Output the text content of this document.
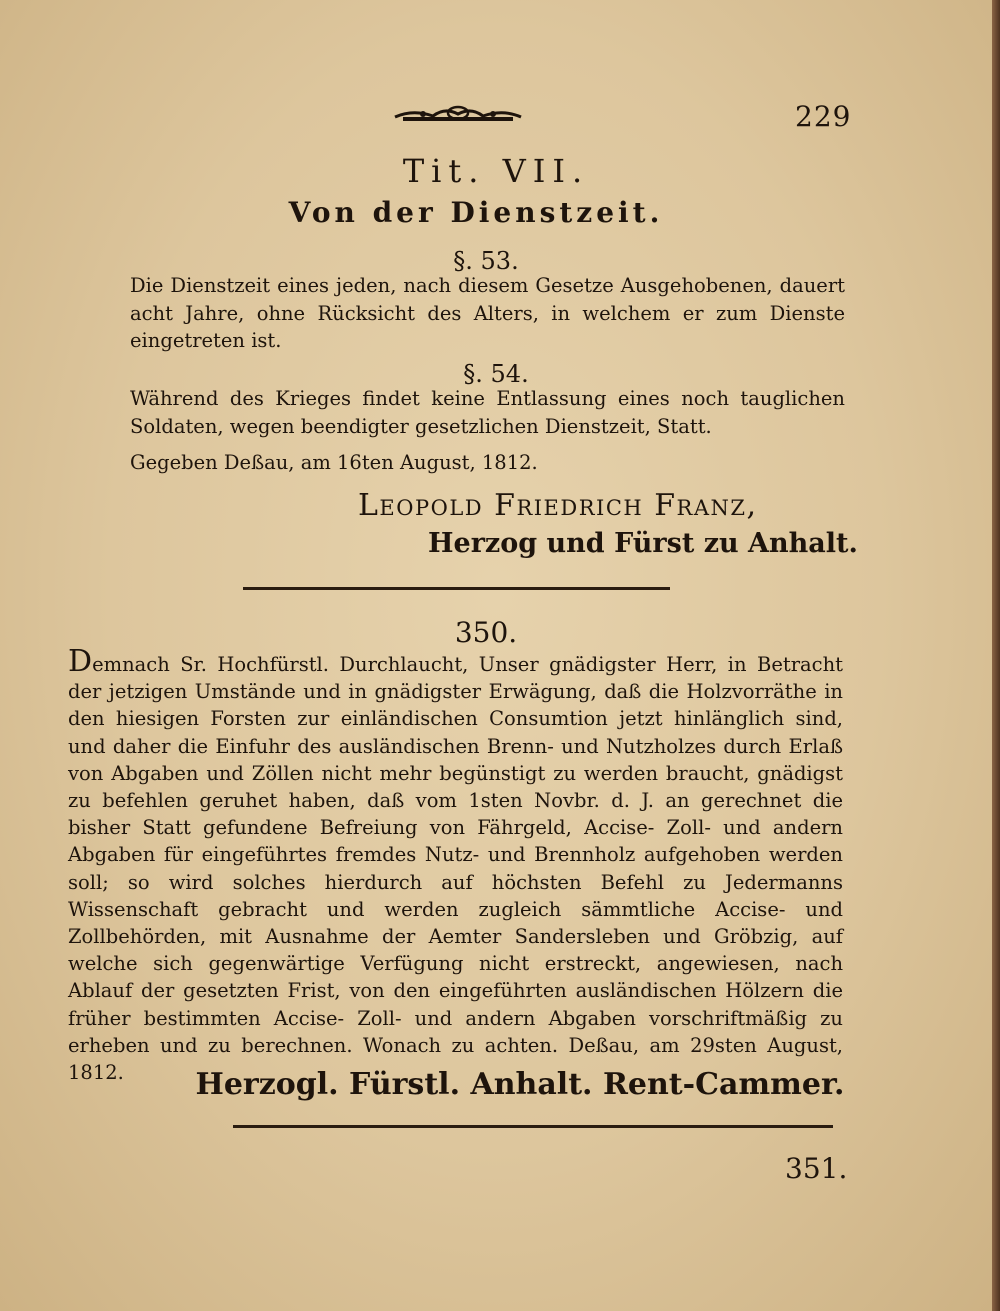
229
Tit. VII.
Von der Dienstzeit.
§. 53.
Die Dienstzeit eines jeden, nach diesem Gesetze Ausgehobenen, dauert acht Jahre, ohne Rücksicht des Alters, in welchem er zum Dienste eingetreten ist.
§. 54.
Während des Krieges findet keine Entlassung eines noch tauglichen Soldaten, wegen beendigter gesetzlichen Dienstzeit, Statt.
Gegeben Deßau, am 16ten August, 1812.
Leopold Friedrich Franz,
Herzog und Fürst zu Anhalt.
350.
Demnach Sr. Hochfürstl. Durchlaucht, Unser gnädigster Herr, in Betracht der jetzigen Umstände und in gnädigster Erwägung, daß die Holzvorräthe in den hiesigen Forsten zur einländischen Consumtion jetzt hinlänglich sind, und daher die Einfuhr des ausländischen Brenn- und Nutzholzes durch Erlaß von Abgaben und Zöllen nicht mehr begünstigt zu werden braucht, gnädigst zu befehlen geruhet haben, daß vom 1sten Novbr. d. J. an gerechnet die bisher Statt gefundene Befreiung von Fährgeld, Accise- Zoll- und andern Abgaben für eingeführtes fremdes Nutz- und Brennholz aufgehoben werden soll; so wird solches hierdurch auf höchsten Befehl zu Jedermanns Wissenschaft gebracht und werden zugleich sämmtliche Accise- und Zollbehörden, mit Ausnahme der Aemter Sandersleben und Gröbzig, auf welche sich gegenwärtige Verfügung nicht erstreckt, angewiesen, nach Ablauf der gesetzten Frist, von den eingeführten ausländischen Hölzern die früher bestimmten Accise- Zoll- und andern Abgaben vorschriftmäßig zu erheben und zu berechnen. Wonach zu achten. Deßau, am 29sten August, 1812.	Herzogl. Fürstl. Anhalt. Rent-Cammer.
351.
